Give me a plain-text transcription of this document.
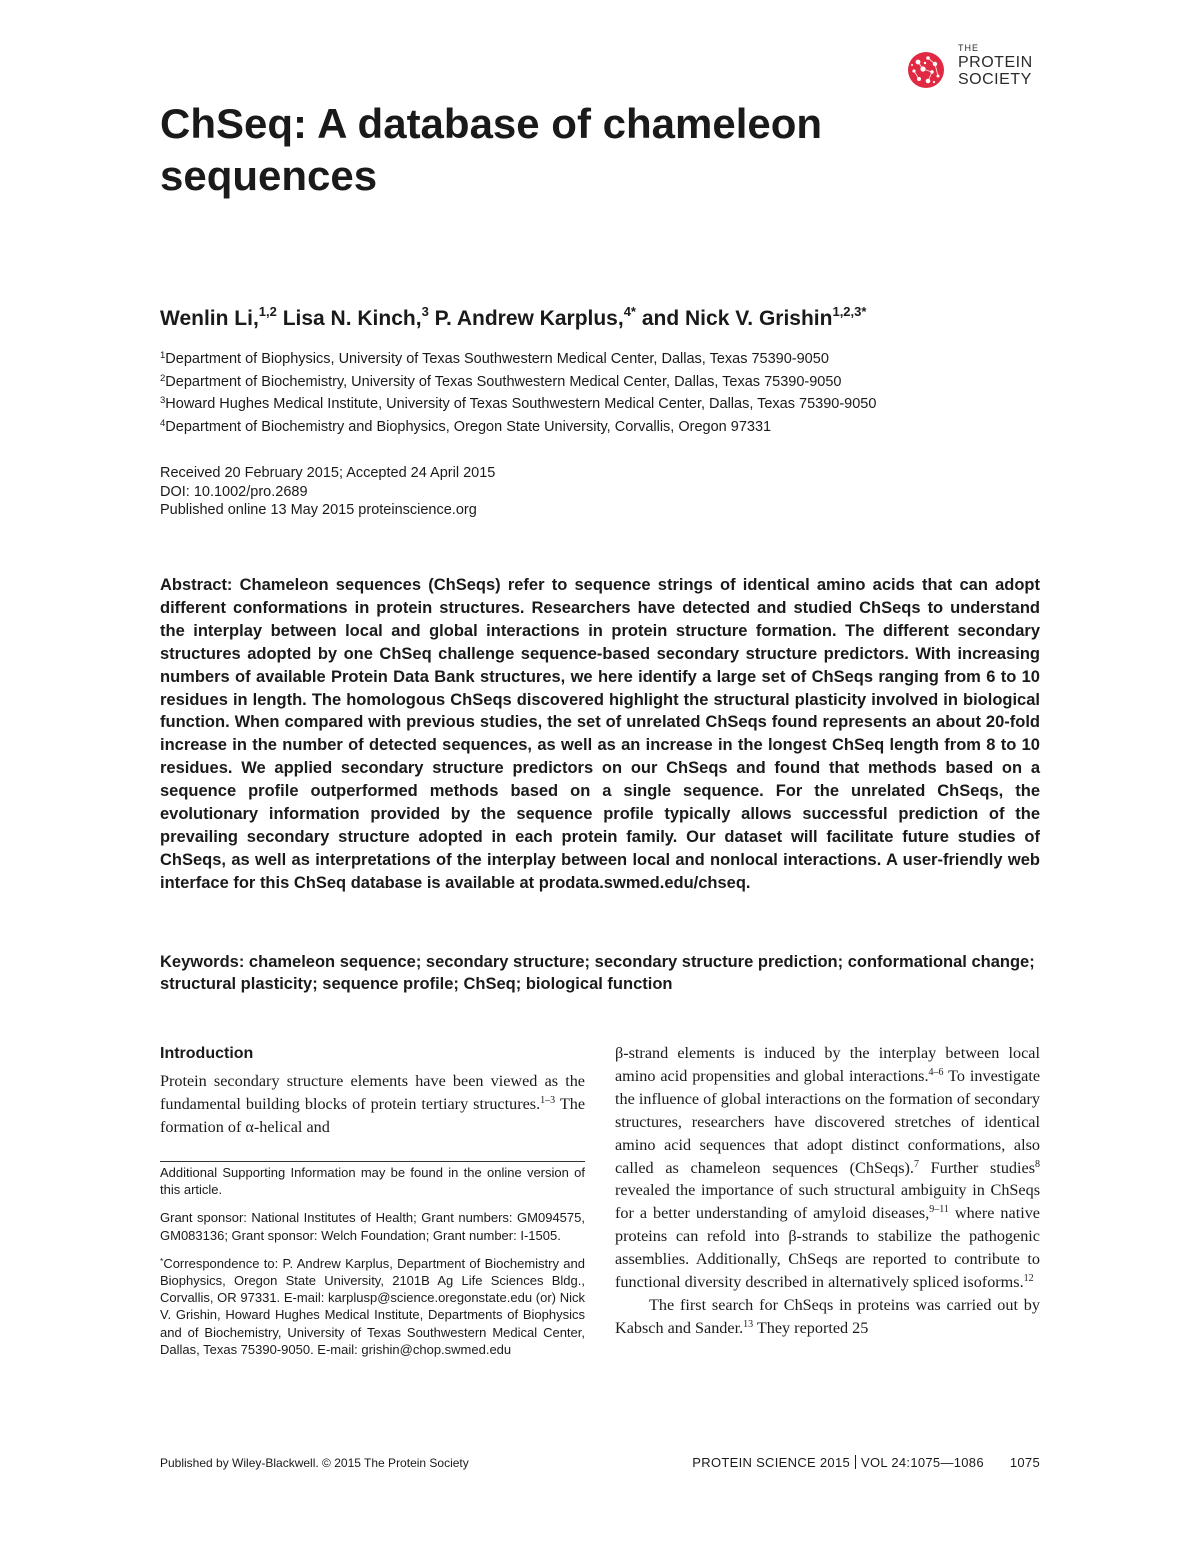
THE
PROTEIN
SOCIETY
ChSeq: A database of chameleon sequences

Wenlin Li,$^{1,2}$ Lisa N. Kinch,$^3$ P. Andrew Karplus,$^{4*}$ and Nick V. Grishin$^{1,2,3*}$

$^1$Department of Biophysics, University of Texas Southwestern Medical Center, Dallas, Texas 75390-9050
$^2$Department of Biochemistry, University of Texas Southwestern Medical Center, Dallas, Texas 75390-9050
$^3$Howard Hughes Medical Institute, University of Texas Southwestern Medical Center, Dallas, Texas 75390-9050
$^4$Department of Biochemistry and Biophysics, Oregon State University, Corvallis, Oregon 97331
Received 20 February 2015; Accepted 24 April 2015
DOI: 10.1002/pro.2689
Published online 13 May 2015 proteinscience.org

Abstract: Chameleon sequences (ChSeqs) refer to sequence strings of identical amino acids that can adopt different conformations in protein structures. Researchers have detected and studied ChSeqs to understand the interplay between local and global interactions in protein structure formation. The different secondary structures adopted by one ChSeq challenge sequence-based secondary structure predictors. With increasing numbers of available Protein Data Bank structures, we here identify a large set of ChSeqs ranging from 6 to 10 residues in length. The homologous ChSeqs discovered highlight the structural plasticity involved in biological function. When compared with previous studies, the set of unrelated ChSeqs found represents an about 20-fold increase in the number of detected sequences, as well as an increase in the longest ChSeq length from 8 to 10 residues. We applied secondary structure predictors on our ChSeqs and found that methods based on a sequence profile outperformed methods based on a single sequence. For the unrelated ChSeqs, the evolutionary information provided by the sequence profile typically allows successful prediction of the prevailing secondary structure adopted in each protein family. Our dataset will facilitate future studies of ChSeqs, as well as interpretations of the interplay between local and nonlocal interactions. A user-friendly web interface for this ChSeq database is available at prodata.swmed.edu/chseq.

Keywords: chameleon sequence; secondary structure; secondary structure prediction; conformational change; structural plasticity; sequence profile; ChSeq; biological function

Introduction

Protein secondary structure elements have been viewed as the fundamental building blocks of protein tertiary structures.$^{1-3}$ The formation of α-helical and

Additional Supporting Information may be found in the online version of this article.

Grant sponsor: National Institutes of Health; Grant numbers: GM094575, GM083136; Grant sponsor: Welch Foundation; Grant number: I-1505.

*Correspondence to: P. Andrew Karplus, Department of Biochemistry and Biophysics, Oregon State University, 2101B Ag Life Sciences Bldg., Corvallis, OR 97331. E-mail: karplusp@science.oregonstate.edu (or) Nick V. Grishin, Howard Hughes Medical Institute, Departments of Biophysics and of Biochemistry, University of Texas Southwestern Medical Center, Dallas, Texas 75390-9050. E-mail: grishin@chop.swmed.edu

β-strand elements is induced by the interplay between local amino acid propensities and global interactions.$^{4-6}$ To investigate the influence of global interactions on the formation of secondary structures, researchers have discovered stretches of identical amino acid sequences that adopt distinct conformations, also called as chameleon sequences (ChSeqs).$^7$ Further studies$^8$ revealed the importance of such structural ambiguity in ChSeqs for a better understanding of amyloid diseases,$^{9-11}$ where native proteins can refold into β-strands to stabilize the pathogenic assemblies. Additionally, ChSeqs are reported to contribute to functional diversity described in alternatively spliced isoforms.$^{12}$

The first search for ChSeqs in proteins was carried out by Kabsch and Sander.$^{13}$ They reported 25

Published by Wiley-Blackwell. © 2015 The Protein Society	PROTEIN SCIENCE 2015 VOL 24:1075—1086 1075
